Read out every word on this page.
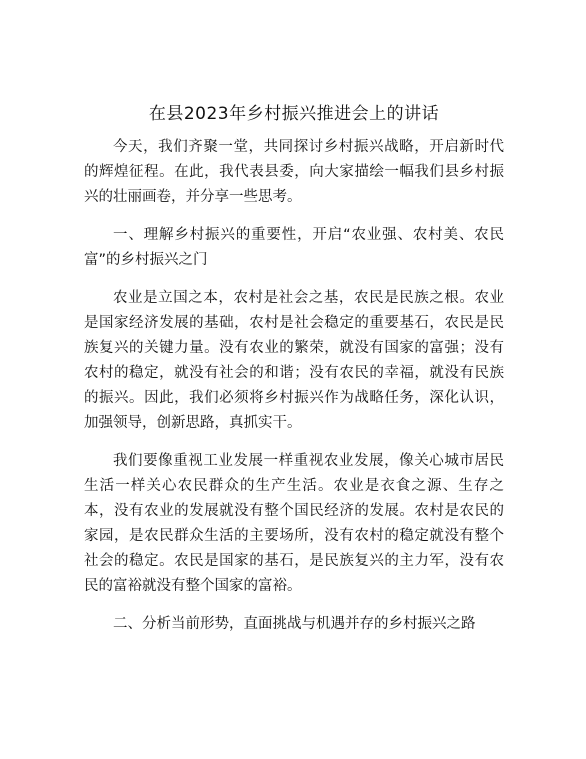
在县2023年乡村振兴推进会上的讲话

今天，我们齐聚一堂，共同探讨乡村振兴战略，开启新时代的辉煌征程。在此，我代表县委，向大家描绘一幅我们县乡村振兴的壮丽画卷，并分享一些思考。

一、理解乡村振兴的重要性，开启“农业强、农村美、农民富”的乡村振兴之门

农业是立国之本，农村是社会之基，农民是民族之根。农业是国家经济发展的基础，农村是社会稳定的重要基石，农民是民族复兴的关键力量。没有农业的繁荣，就没有国家的富强；没有农村的稳定，就没有社会的和谐；没有农民的幸福，就没有民族的振兴。因此，我们必须将乡村振兴作为战略任务，深化认识，加强领导，创新思路，真抓实干。

我们要像重视工业发展一样重视农业发展，像关心城市居民生活一样关心农民群众的生产生活。农业是衣食之源、生存之本，没有农业的发展就没有整个国民经济的发展。农村是农民的家园，是农民群众生活的主要场所，没有农村的稳定就没有整个社会的稳定。农民是国家的基石，是民族复兴的主力军，没有农民的富裕就没有整个国家的富裕。

二、分析当前形势，直面挑战与机遇并存的乡村振兴之路
